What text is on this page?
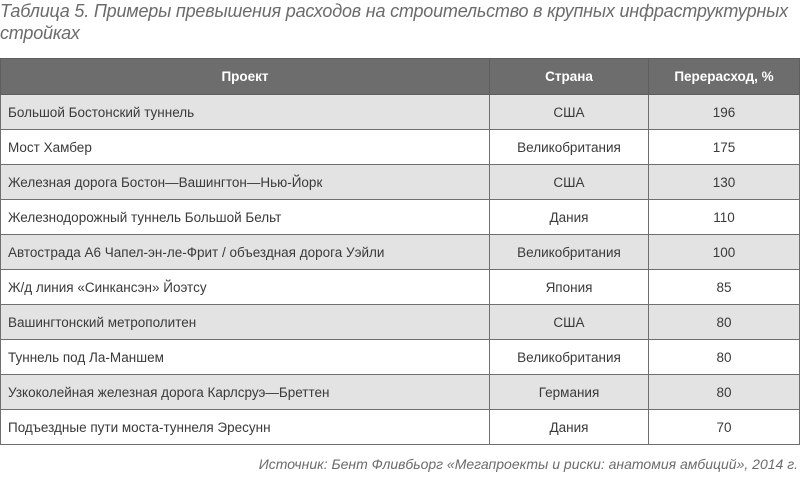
Таблица 5. Примеры превышения расходов на строительство в крупных инфраструктурных стройках
Проект	Страна	Перерасход, %
Большой Бостонский туннель	США	196
Мост Хамбер	Великобритания	175
Железная дорога Бостон—Вашингтон—Нью-Йорк	США	130
Железнодорожный туннель Большой Бельт	Дания	110
Автострада А6 Чапел-эн-ле-Фрит / объездная дорога Уэйли	Великобритания	100
Ж/д линия «Синкансэн» Йоэтсу	Япония	85
Вашингтонский метрополитен	США	80
Туннель под Ла-Маншем	Великобритания	80
Узкоколейная железная дорога Карлсруэ—Бреттен	Германия	80
Подъездные пути моста-туннеля Эресунн	Дания	70
Источник: Бент Фливбьорг «Мегапроекты и риски: анатомия амбиций», 2014 г.
